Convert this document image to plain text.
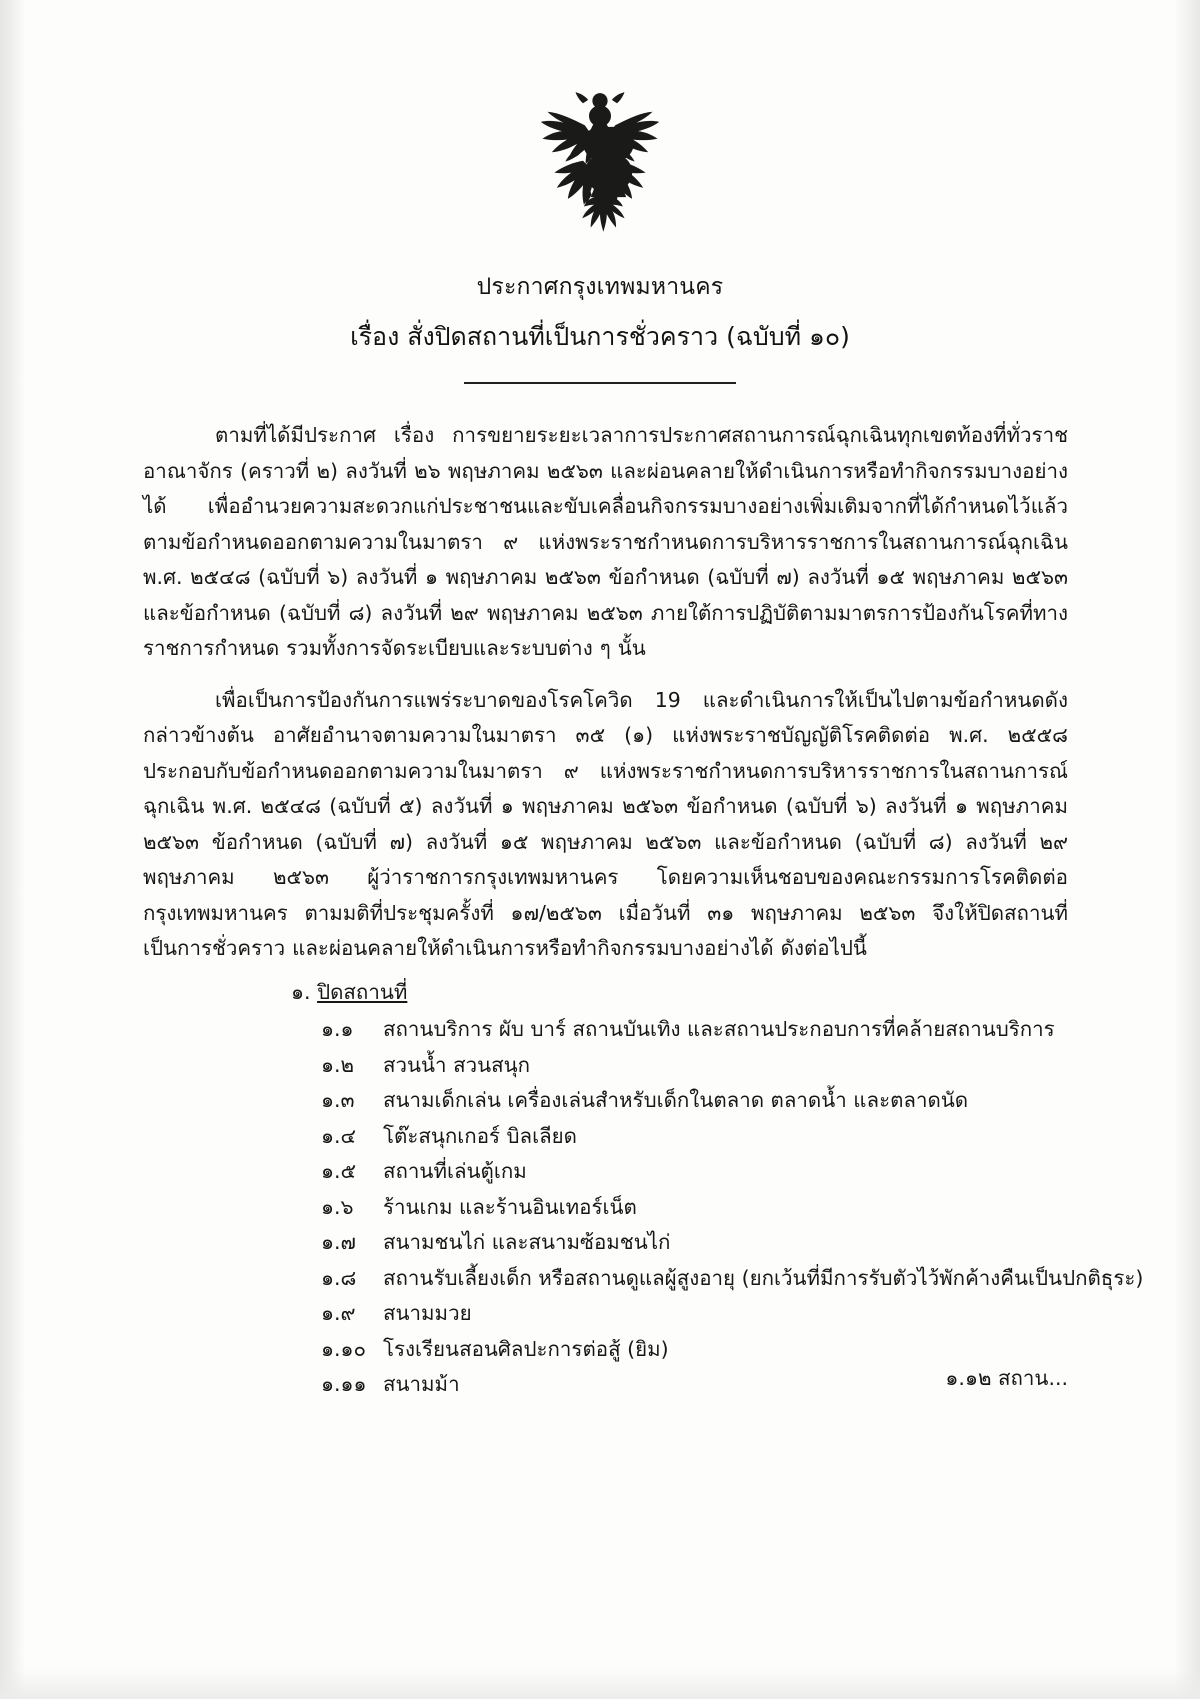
ประกาศกรุงเทพมหานคร
เรื่อง สั่งปิดสถานที่เป็นการชั่วคราว (ฉบับที่ ๑๐)

ตามที่ได้มีประกาศ เรื่อง การขยายระยะเวลาการประกาศสถานการณ์ฉุกเฉินทุกเขตท้องที่ทั่วราชอาณาจักร (คราวที่ ๒) ลงวันที่ ๒๖ พฤษภาคม ๒๕๖๓ และผ่อนคลายให้ดำเนินการหรือทำกิจกรรมบางอย่างได้ เพื่ออำนวยความสะดวกแก่ประชาชนและขับเคลื่อนกิจกรรมบางอย่างเพิ่มเติมจากที่ได้กำหนดไว้แล้ว ตามข้อกำหนดออกตามความในมาตรา ๙ แห่งพระราชกำหนดการบริหารราชการในสถานการณ์ฉุกเฉิน พ.ศ. ๒๕๔๘ (ฉบับที่ ๖) ลงวันที่ ๑ พฤษภาคม ๒๕๖๓ ข้อกำหนด (ฉบับที่ ๗) ลงวันที่ ๑๕ พฤษภาคม ๒๕๖๓ และข้อกำหนด (ฉบับที่ ๘) ลงวันที่ ๒๙ พฤษภาคม ๒๕๖๓ ภายใต้การปฏิบัติตามมาตรการป้องกันโรคที่ทางราชการกำหนด รวมทั้งการจัดระเบียบและระบบต่าง ๆ นั้น

เพื่อเป็นการป้องกันการแพร่ระบาดของโรคโควิด 19 และดำเนินการให้เป็นไปตามข้อกำหนดดังกล่าวข้างต้น อาศัยอำนาจตามความในมาตรา ๓๕ (๑) แห่งพระราชบัญญัติโรคติดต่อ พ.ศ. ๒๕๕๘ ประกอบกับข้อกำหนดออกตามความในมาตรา ๙ แห่งพระราชกำหนดการบริหารราชการในสถานการณ์ฉุกเฉิน พ.ศ. ๒๕๔๘ (ฉบับที่ ๕) ลงวันที่ ๑ พฤษภาคม ๒๕๖๓ ข้อกำหนด (ฉบับที่ ๖) ลงวันที่ ๑ พฤษภาคม ๒๕๖๓ ข้อกำหนด (ฉบับที่ ๗) ลงวันที่ ๑๕ พฤษภาคม ๒๕๖๓ และข้อกำหนด (ฉบับที่ ๘) ลงวันที่ ๒๙ พฤษภาคม ๒๕๖๓ ผู้ว่าราชการกรุงเทพมหานคร โดยความเห็นชอบของคณะกรรมการโรคติดต่อกรุงเทพมหานคร ตามมติที่ประชุมครั้งที่ ๑๗/๒๕๖๓ เมื่อวันที่ ๓๑ พฤษภาคม ๒๕๖๓ จึงให้ปิดสถานที่เป็นการชั่วคราว และผ่อนคลายให้ดำเนินการหรือทำกิจกรรมบางอย่างได้ ดังต่อไปนี้

๑. ปิดสถานที่
๑.๑	สถานบริการ ผับ บาร์ สถานบันเทิง และสถานประกอบการที่คล้ายสถานบริการ
๑.๒	สวนน้ำ สวนสนุก
๑.๓	สนามเด็กเล่น เครื่องเล่นสำหรับเด็กในตลาด ตลาดน้ำ และตลาดนัด
๑.๔	โต๊ะสนุกเกอร์ บิลเลียด
๑.๕	สถานที่เล่นตู้เกม
๑.๖	ร้านเกม และร้านอินเทอร์เน็ต
๑.๗	สนามชนไก่ และสนามซ้อมชนไก่
๑.๘	สถานรับเลี้ยงเด็ก หรือสถานดูแลผู้สูงอายุ (ยกเว้นที่มีการรับตัวไว้พักค้างคืนเป็นปกติธุระ)
๑.๙	สนามมวย
๑.๑๐ โรงเรียนสอนศิลปะการต่อสู้ (ยิม)
๑.๑๑ สนามม้า	๑.๑๒ สถาน...
